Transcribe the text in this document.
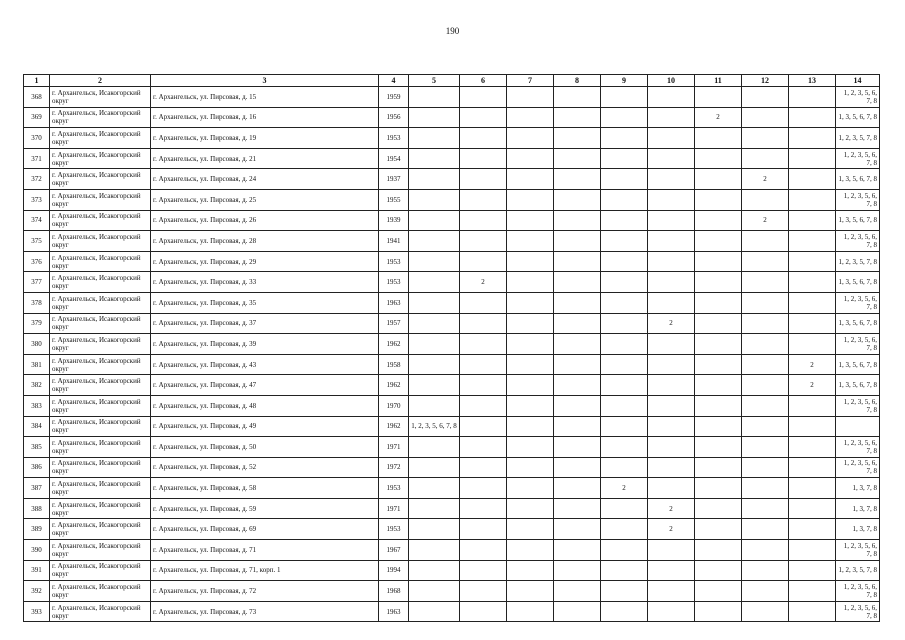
190
1	2	3	4	5	6	7	8	9	10	11	12	13	14
368	г. Архангельск, Исакогорский округ	г. Архангельск, ул. Пирсовая, д. 15	1959										1, 2, 3, 5, 6, 7, 8
369	г. Архангельск, Исакогорский округ	г. Архангельск, ул. Пирсовая, д. 16	1956							2			1, 3, 5, 6, 7, 8
370	г. Архангельск, Исакогорский округ	г. Архангельск, ул. Пирсовая, д. 19	1953										1, 2, 3, 5, 7, 8
371	г. Архангельск, Исакогорский округ	г. Архангельск, ул. Пирсовая, д. 21	1954										1, 2, 3, 5, 6, 7, 8
372	г. Архангельск, Исакогорский округ	г. Архангельск, ул. Пирсовая, д. 24	1937								2		1, 3, 5, 6, 7, 8
373	г. Архангельск, Исакогорский округ	г. Архангельск, ул. Пирсовая, д. 25	1955										1, 2, 3, 5, 6, 7, 8
374	г. Архангельск, Исакогорский округ	г. Архангельск, ул. Пирсовая, д. 26	1939								2		1, 3, 5, 6, 7, 8
375	г. Архангельск, Исакогорский округ	г. Архангельск, ул. Пирсовая, д. 28	1941										1, 2, 3, 5, 6, 7, 8
376	г. Архангельск, Исакогорский округ	г. Архангельск, ул. Пирсовая, д. 29	1953										1, 2, 3, 5, 7, 8
377	г. Архангельск, Исакогорский округ	г. Архангельск, ул. Пирсовая, д. 33	1953		2								1, 3, 5, 6, 7, 8
378	г. Архангельск, Исакогорский округ	г. Архангельск, ул. Пирсовая, д. 35	1963										1, 2, 3, 5, 6, 7, 8
379	г. Архангельск, Исакогорский округ	г. Архангельск, ул. Пирсовая, д. 37	1957						2				1, 3, 5, 6, 7, 8
380	г. Архангельск, Исакогорский округ	г. Архангельск, ул. Пирсовая, д. 39	1962										1, 2, 3, 5, 6, 7, 8
381	г. Архангельск, Исакогорский округ	г. Архангельск, ул. Пирсовая, д. 43	1958									2	1, 3, 5, 6, 7, 8
382	г. Архангельск, Исакогорский округ	г. Архангельск, ул. Пирсовая, д. 47	1962									2	1, 3, 5, 6, 7, 8
383	г. Архангельск, Исакогорский округ	г. Архангельск, ул. Пирсовая, д. 48	1970										1, 2, 3, 5, 6, 7, 8
384	г. Архангельск, Исакогорский округ	г. Архангельск, ул. Пирсовая, д. 49	1962	1, 2, 3, 5, 6, 7, 8									
385	г. Архангельск, Исакогорский округ	г. Архангельск, ул. Пирсовая, д. 50	1971										1, 2, 3, 5, 6, 7, 8
386	г. Архангельск, Исакогорский округ	г. Архангельск, ул. Пирсовая, д. 52	1972										1, 2, 3, 5, 6, 7, 8
387	г. Архангельск, Исакогорский округ	г. Архангельск, ул. Пирсовая, д. 58	1953					2					1, 3, 7, 8
388	г. Архангельск, Исакогорский округ	г. Архангельск, ул. Пирсовая, д. 59	1971						2				1, 3, 7, 8
389	г. Архангельск, Исакогорский округ	г. Архангельск, ул. Пирсовая, д. 69	1953						2				1, 3, 7, 8
390	г. Архангельск, Исакогорский округ	г. Архангельск, ул. Пирсовая, д. 71	1967										1, 2, 3, 5, 6, 7, 8
391	г. Архангельск, Исакогорский округ	г. Архангельск, ул. Пирсовая, д. 71, корп. 1	1994										1, 2, 3, 5, 7, 8
392	г. Архангельск, Исакогорский округ	г. Архангельск, ул. Пирсовая, д. 72	1968										1, 2, 3, 5, 6, 7, 8
393	г. Архангельск, Исакогорский округ	г. Архангельск, ул. Пирсовая, д. 73	1963										1, 2, 3, 5, 6, 7, 8
